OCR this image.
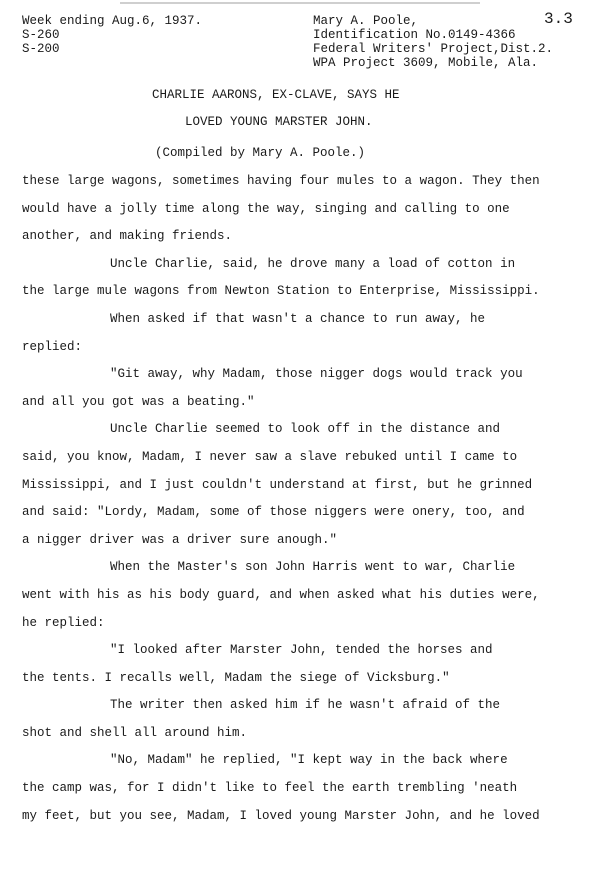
Week ending Aug.6, 1937.
S-260
S-200
Mary A. Poole,
Identification No.0149-4366
Federal Writers' Project,Dist.2.
WPA Project 3609, Mobile, Ala.
3.3
CHARLIE AARONS, EX-CLAVE, SAYS HE
LOVED YOUNG MARSTER JOHN.
(Compiled by Mary A. Poole.)
these large wagons, sometimes having four mules to a wagon. They then
would have a jolly time along the way, singing and calling to one
another, and making friends.
Uncle Charlie, said, he drove many a load of cotton in
the large mule wagons from Newton Station to Enterprise, Mississippi.
When asked if that wasn't a chance to run away, he
replied:
"Git away, why Madam, those nigger dogs would track you
and all you got was a beating."
Uncle Charlie seemed to look off in the distance and
said, you know, Madam, I never saw a slave rebuked until I came to
Mississippi, and I just couldn't understand at first, but he grinned
and said: "Lordy, Madam, some of those niggers were onery, too, and
a nigger driver was a driver sure anough."
When the Master's son John Harris went to war, Charlie
went with his as his body guard, and when asked what his duties were,
he replied:
"I looked after Marster John, tended the horses and
the tents. I recalls well, Madam the siege of Vicksburg."
The writer then asked him if he wasn't afraid of the
shot and shell all around him.
"No, Madam" he replied, "I kept way in the back where
the camp was, for I didn't like to feel the earth trembling 'neath
my feet, but you see, Madam, I loved young Marster John, and he loved
